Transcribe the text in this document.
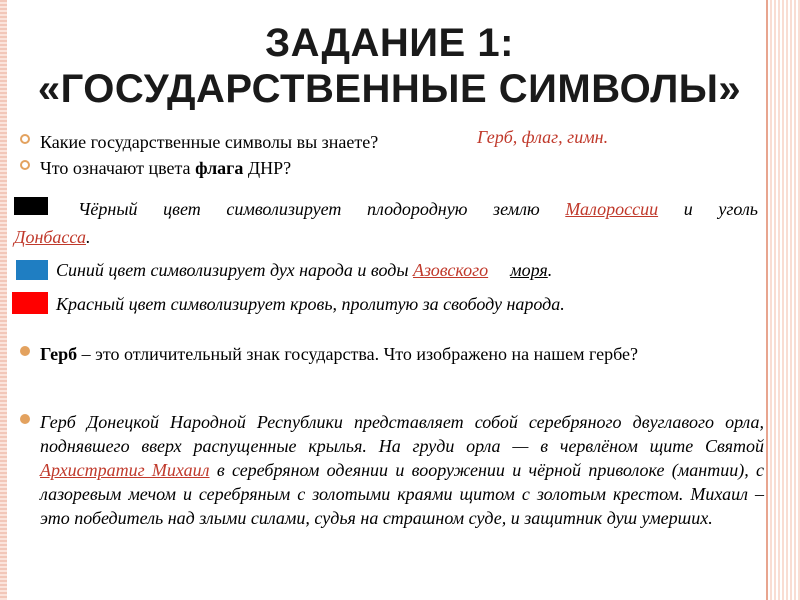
ЗАДАНИЕ 1:
«ГОСУДАРСТВЕННЫЕ СИМВОЛЫ»
Какие государственные символы вы знаете?	Герб, флаг, гимн.
Что означают цвета флага ДНР?
Чёрный цвет символизирует плодородную землю Малороссии и уголь
Донбасса.
Синий цвет символизирует дух народа и воды Азовского моря.
Красный цвет символизирует кровь, пролитую за свободу народа.
Герб – это отличительный знак государства. Что изображено на нашем гербе?
Герб Донецкой Народной Республики представляет собой серебряного двуглавого орла, поднявшего вверх распущенные крылья. На груди орла — в червлёном щите Святой Архистратиг Михаил в серебряном одеянии и вооружении и чёрной приволоке (мантии), с лазоревым мечом и серебряным с золотыми краями щитом с золотым крестом. Михаил – это победитель над злыми силами, судья на страшном суде, и защитник душ умерших.
